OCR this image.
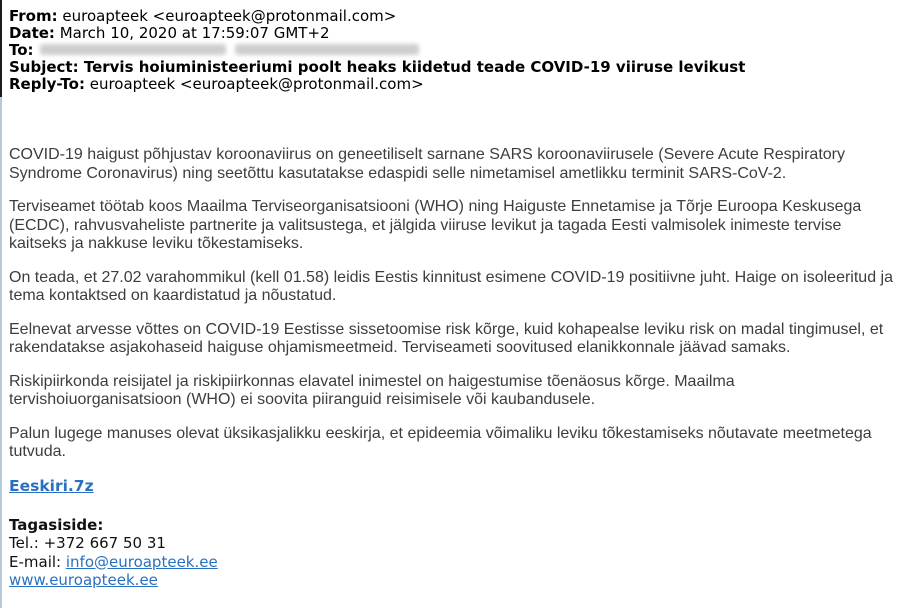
From: euroapteek <euroapteek@protonmail.com>
Date: March 10, 2020 at 17:59:07 GMT+2
To:
Subject: Tervis hoiuministeeriumi poolt heaks kiidetud teade COVID-19 viiruse levikust
Reply-To: euroapteek <euroapteek@protonmail.com>

COVID-19 haigust põhjustav koroonaviirus on geneetiliselt sarnane SARS koroonaviirusele (Severe Acute Respiratory Syndrome Coronavirus) ning seetõttu kasutatakse edaspidi selle nimetamisel ametlikku terminit SARS-CoV-2.

Terviseamet töötab koos Maailma Terviseorganisatsiooni (WHO) ning Haiguste Ennetamise ja Tõrje Euroopa Keskusega (ECDC), rahvusvaheliste partnerite ja valitsustega, et jälgida viiruse levikut ja tagada Eesti valmisolek inimeste tervise kaitseks ja nakkuse leviku tõkestamiseks.

On teada, et 27.02 varahommikul (kell 01.58) leidis Eestis kinnitust esimene COVID-19 positiivne juht. Haige on isoleeritud ja tema kontaktsed on kaardistatud ja nõustatud.

Eelnevat arvesse võttes on COVID-19 Eestisse sissetoomise risk kõrge, kuid kohapealse leviku risk on madal tingimusel, et rakendatakse asjakohaseid haiguse ohjamismeetmeid. Terviseameti soovitused elanikkonnale jäävad samaks.

Riskipiirkonda reisijatel ja riskipiirkonnas elavatel inimestel on haigestumise tõenäosus kõrge. Maailma tervishoiuorganisatsioon (WHO) ei soovita piiranguid reisimisele või kaubandusele.

Palun lugege manuses olevat üksikasjalikku eeskirja, et epideemia võimaliku leviku tõkestamiseks nõutavate meetmetega tutvuda.

Eeskiri.7z
Tagasiside:
Tel.: +372 667 50 31
E-mail: info@euroapteek.ee
www.euroapteek.ee
